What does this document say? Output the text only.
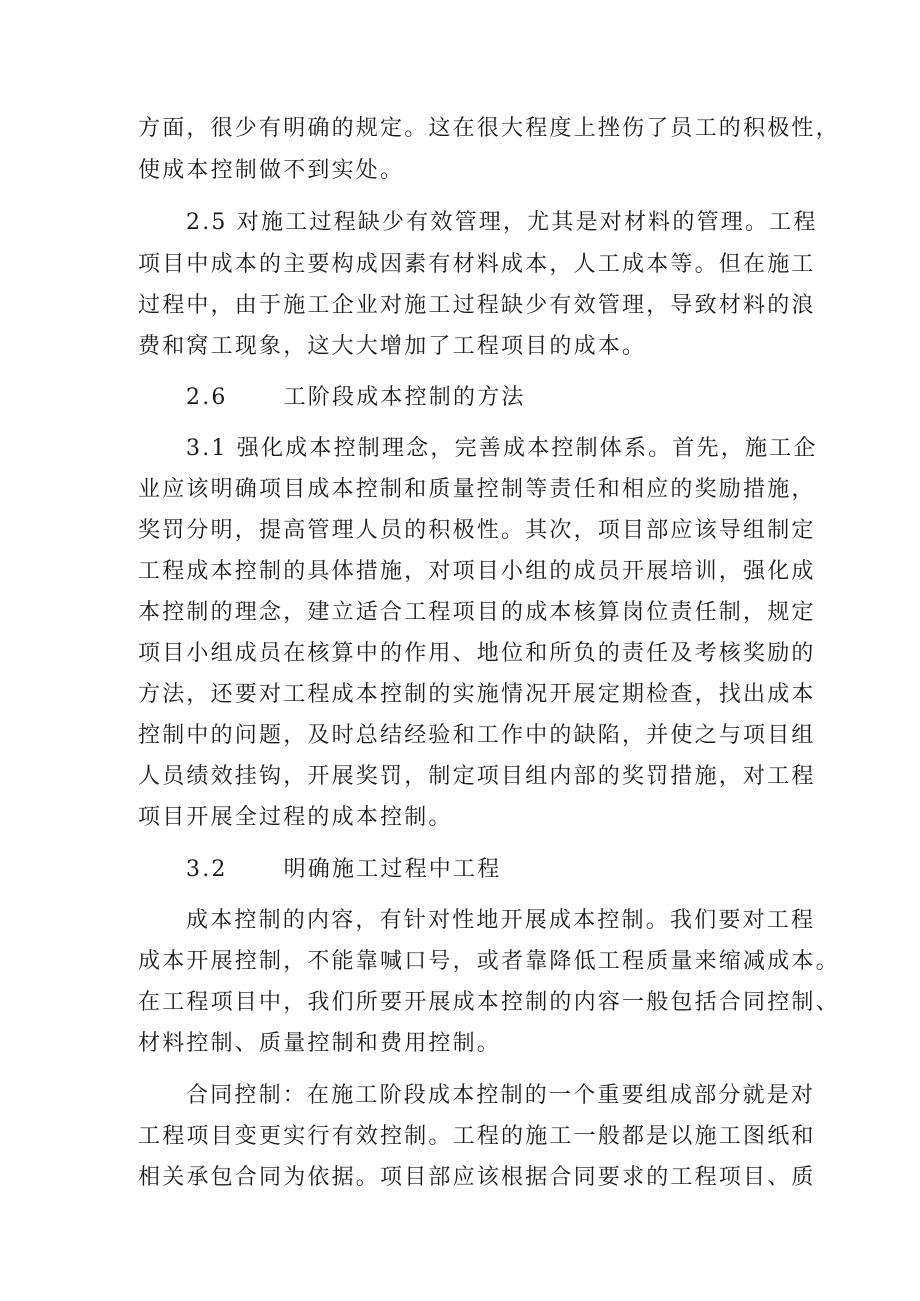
方面，很少有明确的规定。这在很大程度上挫伤了员工的积极性，
使成本控制做不到实处。
2.5 对施工过程缺少有效管理，尤其是对材料的管理。工程
项目中成本的主要构成因素有材料成本，人工成本等。但在施工
过程中，由于施工企业对施工过程缺少有效管理，导致材料的浪
费和窝工现象，这大大增加了工程项目的成本。
2.6	工阶段成本控制的方法
3.1 强化成本控制理念，完善成本控制体系。首先，施工企
业应该明确项目成本控制和质量控制等责任和相应的奖励措施，
奖罚分明，提高管理人员的积极性。其次，项目部应该导组制定
工程成本控制的具体措施，对项目小组的成员开展培训，强化成
本控制的理念，建立适合工程项目的成本核算岗位责任制，规定
项目小组成员在核算中的作用、地位和所负的责任及考核奖励的
方法，还要对工程成本控制的实施情况开展定期检查，找出成本
控制中的问题，及时总结经验和工作中的缺陷，并使之与项目组
人员绩效挂钩，开展奖罚，制定项目组内部的奖罚措施，对工程
项目开展全过程的成本控制。
3.2	明确施工过程中工程
成本控制的内容，有针对性地开展成本控制。我们要对工程
成本开展控制，不能靠喊口号，或者靠降低工程质量来缩减成本。
在工程项目中，我们所要开展成本控制的内容一般包括合同控制、
材料控制、质量控制和费用控制。
合同控制：在施工阶段成本控制的一个重要组成部分就是对
工程项目变更实行有效控制。工程的施工一般都是以施工图纸和
相关承包合同为依据。项目部应该根据合同要求的工程项目、质
